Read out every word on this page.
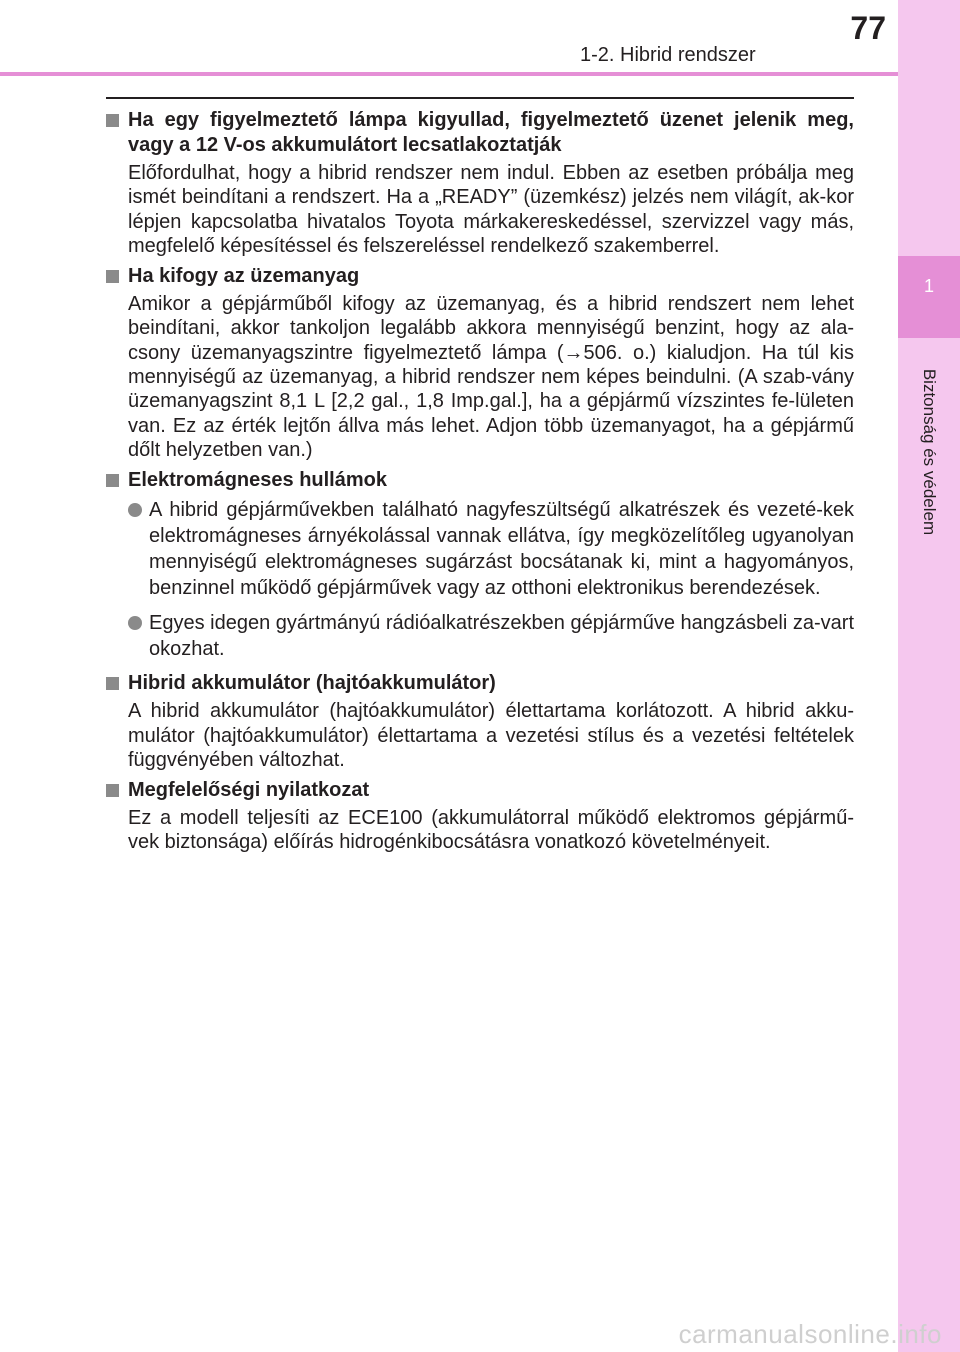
1-2. Hibrid rendszer
77
1
Biztonság és védelem
Ha egy figyelmeztető lámpa kigyullad, figyelmeztető üzenet jelenik meg, vagy a 12 V-os akkumulátort lecsatlakoztatják
Előfordulhat, hogy a hibrid rendszer nem indul. Ebben az esetben próbálja meg ismét beindítani a rendszert. Ha a „READY” (üzemkész) jelzés nem világít, ak-kor lépjen kapcsolatba hivatalos Toyota márkakereskedéssel, szervizzel vagy más, megfelelő képesítéssel és felszereléssel rendelkező szakemberrel.
Ha kifogy az üzemanyag
Amikor a gépjárműből kifogy az üzemanyag, és a hibrid rendszert nem lehet beindítani, akkor tankoljon legalább akkora mennyiségű benzint, hogy az ala-csony üzemanyagszintre figyelmeztető lámpa (→506. o.) kialudjon. Ha túl kis mennyiségű az üzemanyag, a hibrid rendszer nem képes beindulni. (A szab-vány üzemanyagszint 8,1 L [2,2 gal., 1,8 Imp.gal.], ha a gépjármű vízszintes fe-lületen van. Ez az érték lejtőn állva más lehet. Adjon több üzemanyagot, ha a gépjármű dőlt helyzetben van.)
Elektromágneses hullámok
A hibrid gépjárművekben található nagyfeszültségű alkatrészek és vezeté-kek elektromágneses árnyékolással vannak ellátva, így megközelítőleg ugyanolyan mennyiségű elektromágneses sugárzást bocsátanak ki, mint a hagyományos, benzinnel működő gépjárművek vagy az otthoni elektronikus berendezések.
Egyes idegen gyártmányú rádióalkatrészekben gépjárműve hangzásbeli za-vart okozhat.
Hibrid akkumulátor (hajtóakkumulátor)
A hibrid akkumulátor (hajtóakkumulátor) élettartama korlátozott. A hibrid akku-mulátor (hajtóakkumulátor) élettartama a vezetési stílus és a vezetési feltételek függvényében változhat.
Megfelelőségi nyilatkozat
Ez a modell teljesíti az ECE100 (akkumulátorral működő elektromos gépjármű-vek biztonsága) előírás hidrogénkibocsátásra vonatkozó követelményeit.
carmanualsonline.info
